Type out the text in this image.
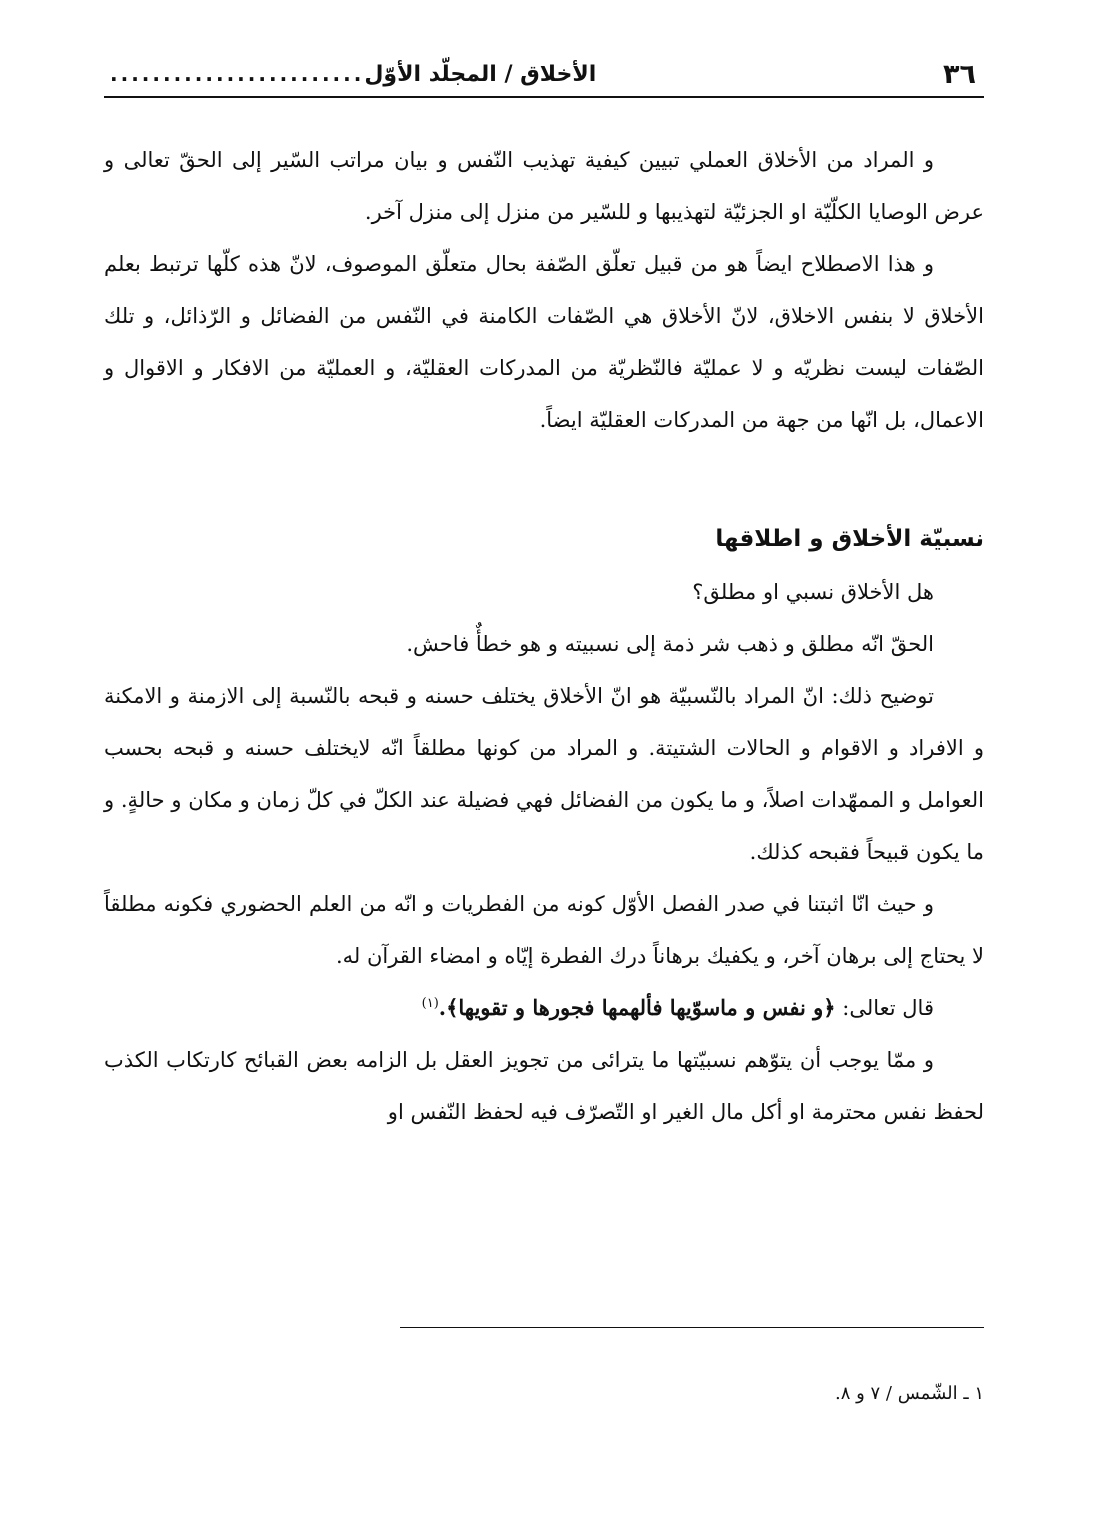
٣٦
الأخلاق / المجلّد الأوّل
........................

و المراد من الأخلاق العملي تبيين كيفية تهذيب النّفس و بيان مراتب السّير إلى الحقّ تعالى و عرض الوصايا الكلّيّة او الجزئيّة لتهذيبها و للسّير من منزل إلى منزل آخر.

و هذا الاصطلاح ايضاً هو من قبيل تعلّق الصّفة بحال متعلّق الموصوف، لانّ هذه كلّها ترتبط بعلم الأخلاق لا بنفس الاخلاق، لانّ الأخلاق هي الصّفات الكامنة في النّفس من الفضائل و الرّذائل، و تلك الصّفات ليست نظريّه و لا عمليّة فالنّظريّة من المدركات العقليّة، و العمليّة من الافكار و الاقوال و الاعمال، بل انّها من جهة من المدركات العقليّة ايضاً.

نسبيّة الأخلاق و اطلاقها

هل الأخلاق نسبي او مطلق؟

الحقّ انّه مطلق و ذهب شر ذمة إلى نسبيته و هو خطأٌ فاحش.

توضيح ذلك: انّ المراد بالنّسبيّة هو انّ الأخلاق يختلف حسنه و قبحه بالنّسبة إلى الازمنة و الامكنة و الافراد و الاقوام و الحالات الشتيتة. و المراد من كونها مطلقاً انّه لايختلف حسنه و قبحه بحسب العوامل و الممهّدات اصلاً، و ما يكون من الفضائل فهي فضيلة عند الكلّ في كلّ زمان و مكان و حالةٍ. و ما يكون قبيحاً فقبحه كذلك.

و حيث انّا اثبتنا في صدر الفصل الأوّل كونه من الفطريات و انّه من العلم الحضوري فكونه مطلقاً لا يحتاج إلى برهان آخر، و يكفيك برهاناً درك الفطرة إيّاه و امضاء القرآن له.

قال تعالى: ﴿و نفس و ماسوّيها فألهمها فجورها و تقويها﴾.$^{(١)}$

و ممّا يوجب أن يتوّهم نسبيّتها ما يترائى من تجويز العقل بل الزامه بعض القبائح كارتكاب الكذب لحفظ نفس محترمة او أكل مال الغير او التّصرّف فيه لحفظ النّفس او

١ ـ الشّمس / ٧ و ٨.
